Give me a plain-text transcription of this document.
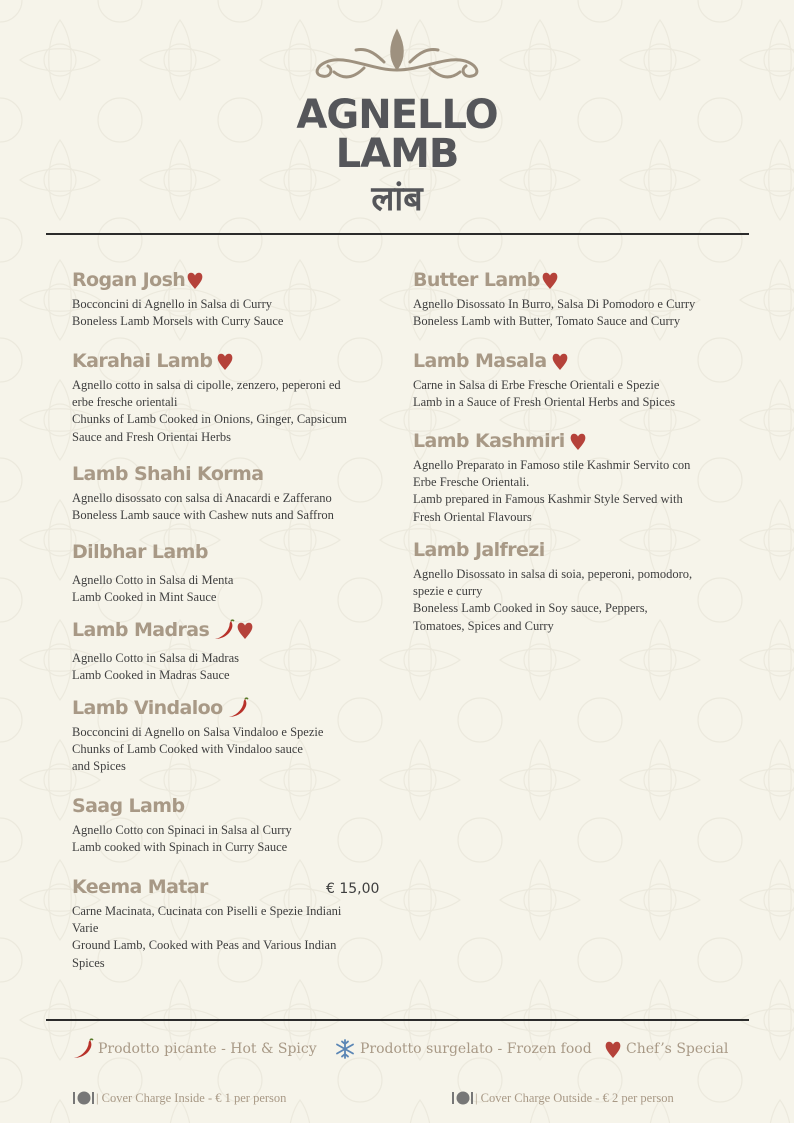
AGNELLO
LAMB
लांब
Rogan Josh
Bocconcini di Agnello in Salsa di Curry
Boneless Lamb Morsels with Curry Sauce
Karahai Lamb
Agnello cotto in salsa di cipolle, zenzero, peperoni ed
erbe fresche orientali
Chunks of Lamb Cooked in Onions, Ginger, Capsicum
Sauce and Fresh Orientai Herbs
Lamb Shahi Korma
Agnello disossato con salsa di Anacardi e Zafferano
Boneless Lamb sauce with Cashew nuts and Saffron
Dilbhar Lamb
Agnello Cotto in Salsa di Menta
Lamb Cooked in Mint Sauce
Lamb Madras
Agnello Cotto in Salsa di Madras
Lamb Cooked in Madras Sauce
Lamb Vindaloo
Bocconcini di Agnello on Salsa Vindaloo e Spezie
Chunks of Lamb Cooked with Vindaloo sauce
and Spices
Saag Lamb
Agnello Cotto con Spinaci in Salsa al Curry
Lamb cooked with Spinach in Curry Sauce
Keema Matar
Carne Macinata, Cucinata con Piselli e Spezie Indiani
Varie
Ground Lamb, Cooked with Peas and Various Indian
Spices
€ 15,00
Butter Lamb
Agnello Disossato In Burro, Salsa Di Pomodoro e Curry
Boneless Lamb with Butter, Tomato Sauce and Curry
Lamb Masala
Carne in Salsa di Erbe Fresche Orientali e Spezie
Lamb in a Sauce of Fresh Oriental Herbs and Spices
Lamb Kashmiri
Agnello Preparato in Famoso stile Kashmir Servito con
Erbe Fresche Orientali.
Lamb prepared in Famous Kashmir Style Served with
Fresh Oriental Flavours
Lamb Jalfrezi
Agnello Disossato in salsa di soia, peperoni, pomodoro,
spezie e curry
Boneless Lamb Cooked in Soy sauce, Peppers,
Tomatoes, Spices and Curry
Prodotto picante - Hot & Spicy	Prodotto surgelato - Frozen food Chef’s Special
| Cover Charge Inside - € 1 per person	| Cover Charge Outside - € 2 per person
